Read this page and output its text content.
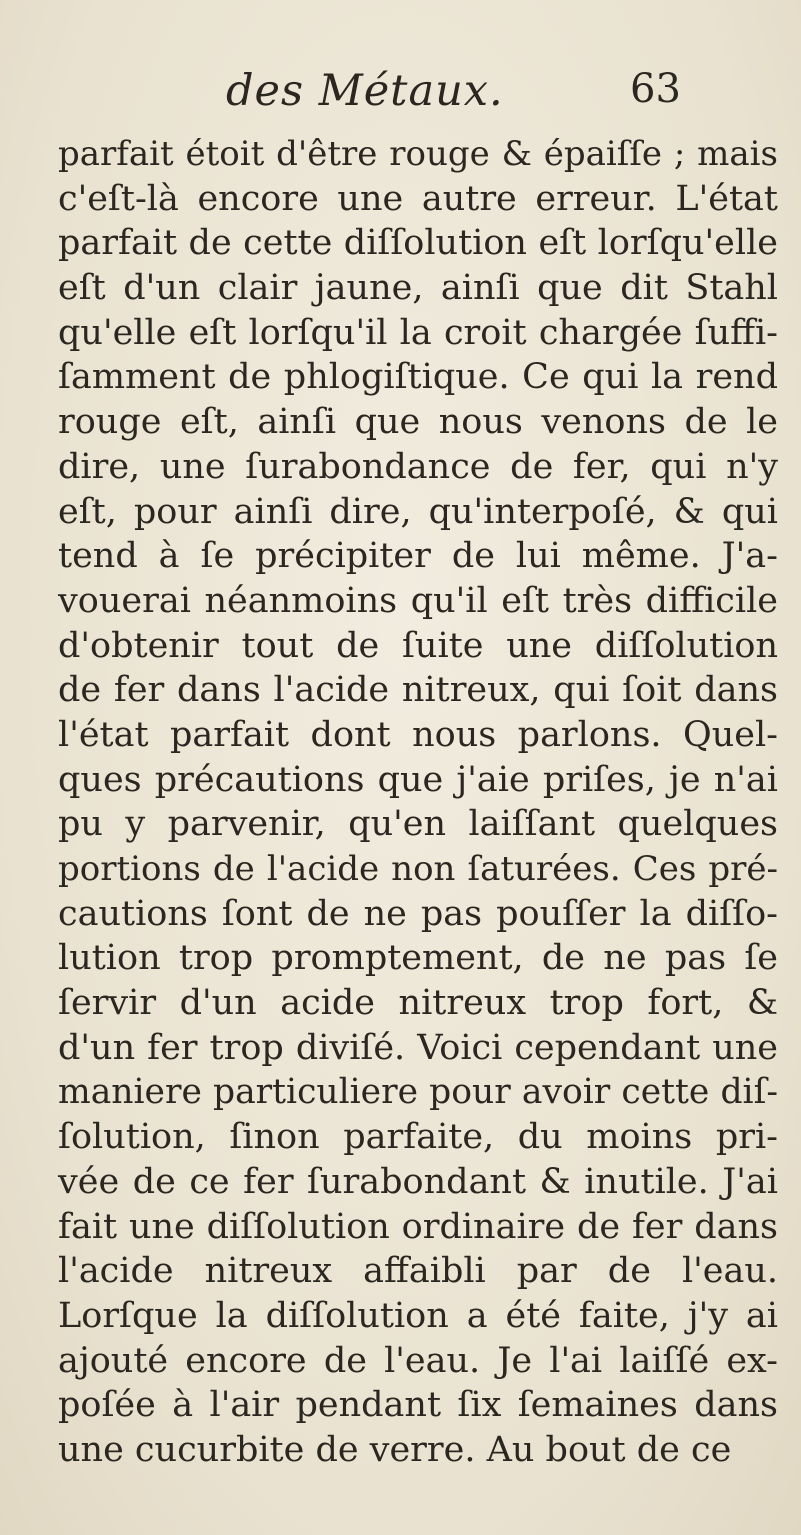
des Métaux.	63
parfait étoit d'être rouge & épaiſſe ; mais
c'eſt-là encore une autre erreur. L'état
parfait de cette diſſolution eſt lorſqu'elle
eſt d'un clair jaune, ainſi que dit Stahl
qu'elle eſt lorſqu'il la croit chargée ſuffi-
ſamment de phlogiſtique. Ce qui la rend
rouge eſt, ainſi que nous venons de le
dire, une ſurabondance de fer, qui n'y
eſt, pour ainſi dire, qu'interpoſé, & qui
tend à ſe précipiter de lui même. J'a-
vouerai néanmoins qu'il eſt très difficile
d'obtenir tout de ſuite une diſſolution
de fer dans l'acide nitreux, qui ſoit dans
l'état parfait dont nous parlons. Quel-
ques précautions que j'aie priſes, je n'ai
pu y parvenir, qu'en laiſſant quelques
portions de l'acide non ſaturées. Ces pré-
cautions ſont de ne pas pouſſer la diſſo-
lution trop promptement, de ne pas ſe
ſervir d'un acide nitreux trop fort, &
d'un fer trop diviſé. Voici cependant une
maniere particuliere pour avoir cette diſ-
ſolution, ſinon parfaite, du moins pri-
vée de ce fer ſurabondant & inutile. J'ai
fait une diſſolution ordinaire de fer dans
l'acide nitreux affaibli par de l'eau.
Lorſque la diſſolution a été faite, j'y ai
ajouté encore de l'eau. Je l'ai laiſſé ex-
poſée à l'air pendant ſix ſemaines dans
une cucurbite de verre. Au bout de ce
